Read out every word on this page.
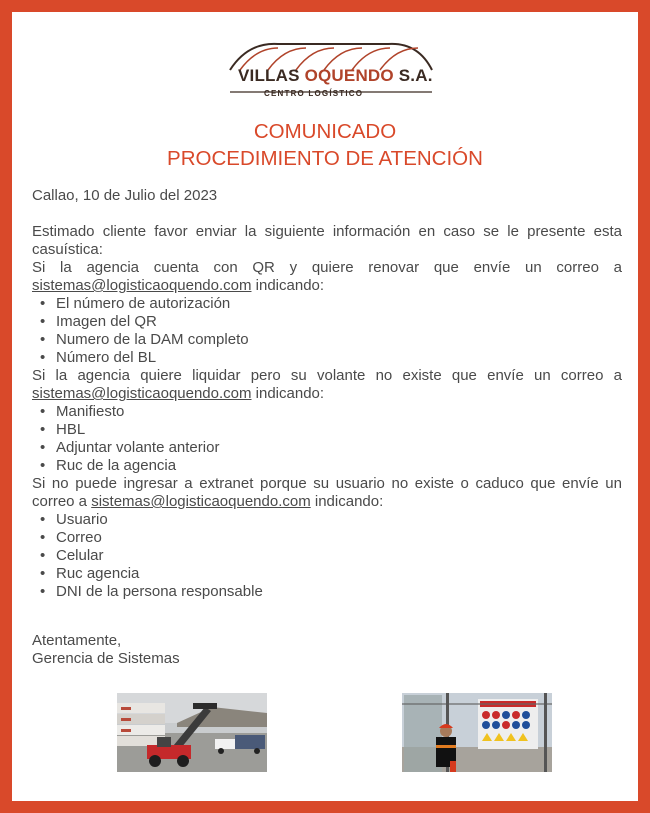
VILLAS OQUENDO S.A.
CENTRO LOGÍSTICO
COMUNICADO
PROCEDIMIENTO DE ATENCIÓN

Callao, 10 de Julio del 2023

Estimado cliente favor enviar la siguiente información en caso se le presente esta casuística:

Si la agencia cuenta con QR y quiere renovar que envíe un correo a sistemas@logisticaoquendo.com indicando:

• El número de autorización
• Imagen del QR
• Numero de la DAM completo
• Número del BL

Si la agencia quiere liquidar pero su volante no existe que envíe un correo a sistemas@logisticaoquendo.com indicando:

• Manifiesto
• HBL
• Adjuntar volante anterior
• Ruc de la agencia

Si no puede ingresar a extranet porque su usuario no existe o caduco que envíe un correo a sistemas@logisticaoquendo.com indicando:

• Usuario
• Correo
• Celular
• Ruc agencia
• DNI de la persona responsable

Atentamente,

Gerencia de Sistemas
